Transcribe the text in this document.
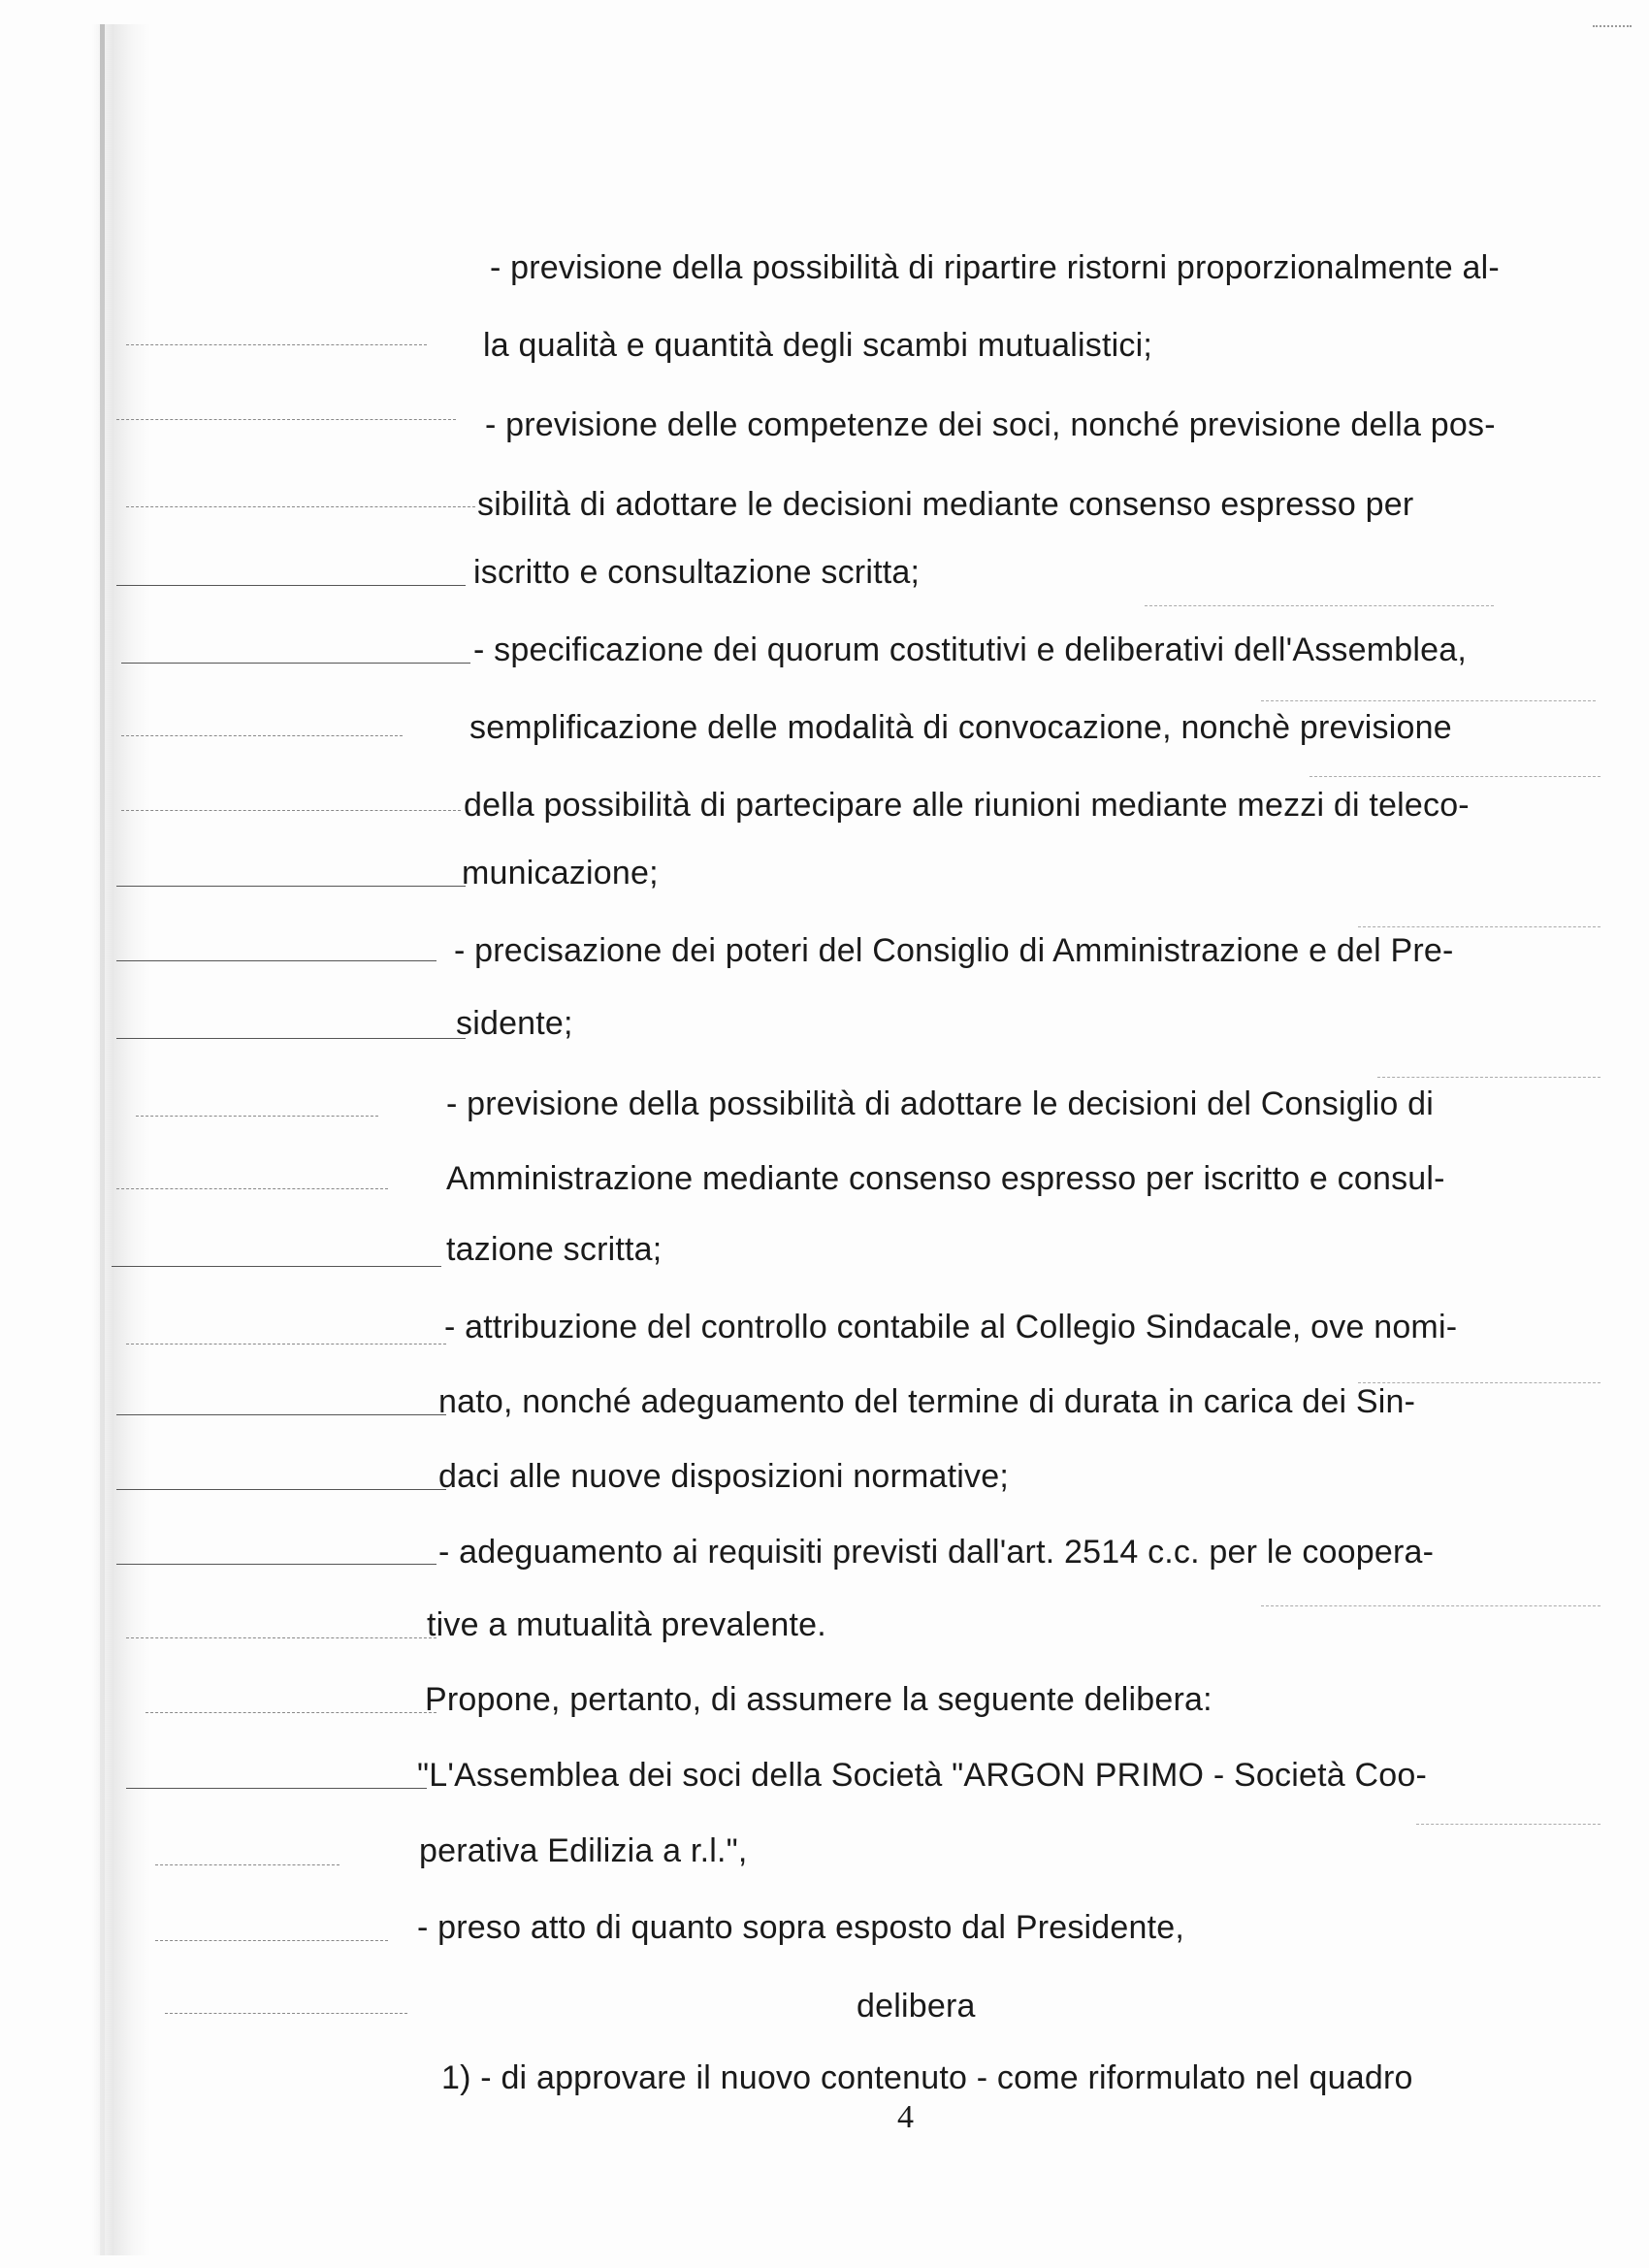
- previsione della possibilità di ripartire ristorni proporzionalmente al-
la qualità e quantità degli scambi mutualistici;
- previsione delle competenze dei soci, nonché previsione della pos-
sibilità di adottare le decisioni mediante consenso espresso per
iscritto e consultazione scritta;
- specificazione dei quorum costitutivi e deliberativi dell'Assemblea,
semplificazione delle modalità di convocazione, nonchè previsione
della possibilità di partecipare alle riunioni mediante mezzi di teleco-
municazione;
- precisazione dei poteri del Consiglio di Amministrazione e del Pre-
sidente;
- previsione della possibilità di adottare le decisioni del Consiglio di
Amministrazione mediante consenso espresso per iscritto e consul-
tazione scritta;
- attribuzione del controllo contabile al Collegio Sindacale, ove nomi-
nato, nonché adeguamento del termine di durata in carica dei Sin-
daci alle nuove disposizioni normative;
- adeguamento ai requisiti previsti dall'art. 2514 c.c. per le coopera-
tive a mutualità prevalente.
Propone, pertanto, di assumere la seguente delibera:
"L'Assemblea dei soci della Società "ARGON PRIMO - Società Coo-
perativa Edilizia a r.l.",
- preso atto di quanto sopra esposto dal Presidente,
delibera
1) - di approvare il nuovo contenuto - come riformulato nel quadro
4
